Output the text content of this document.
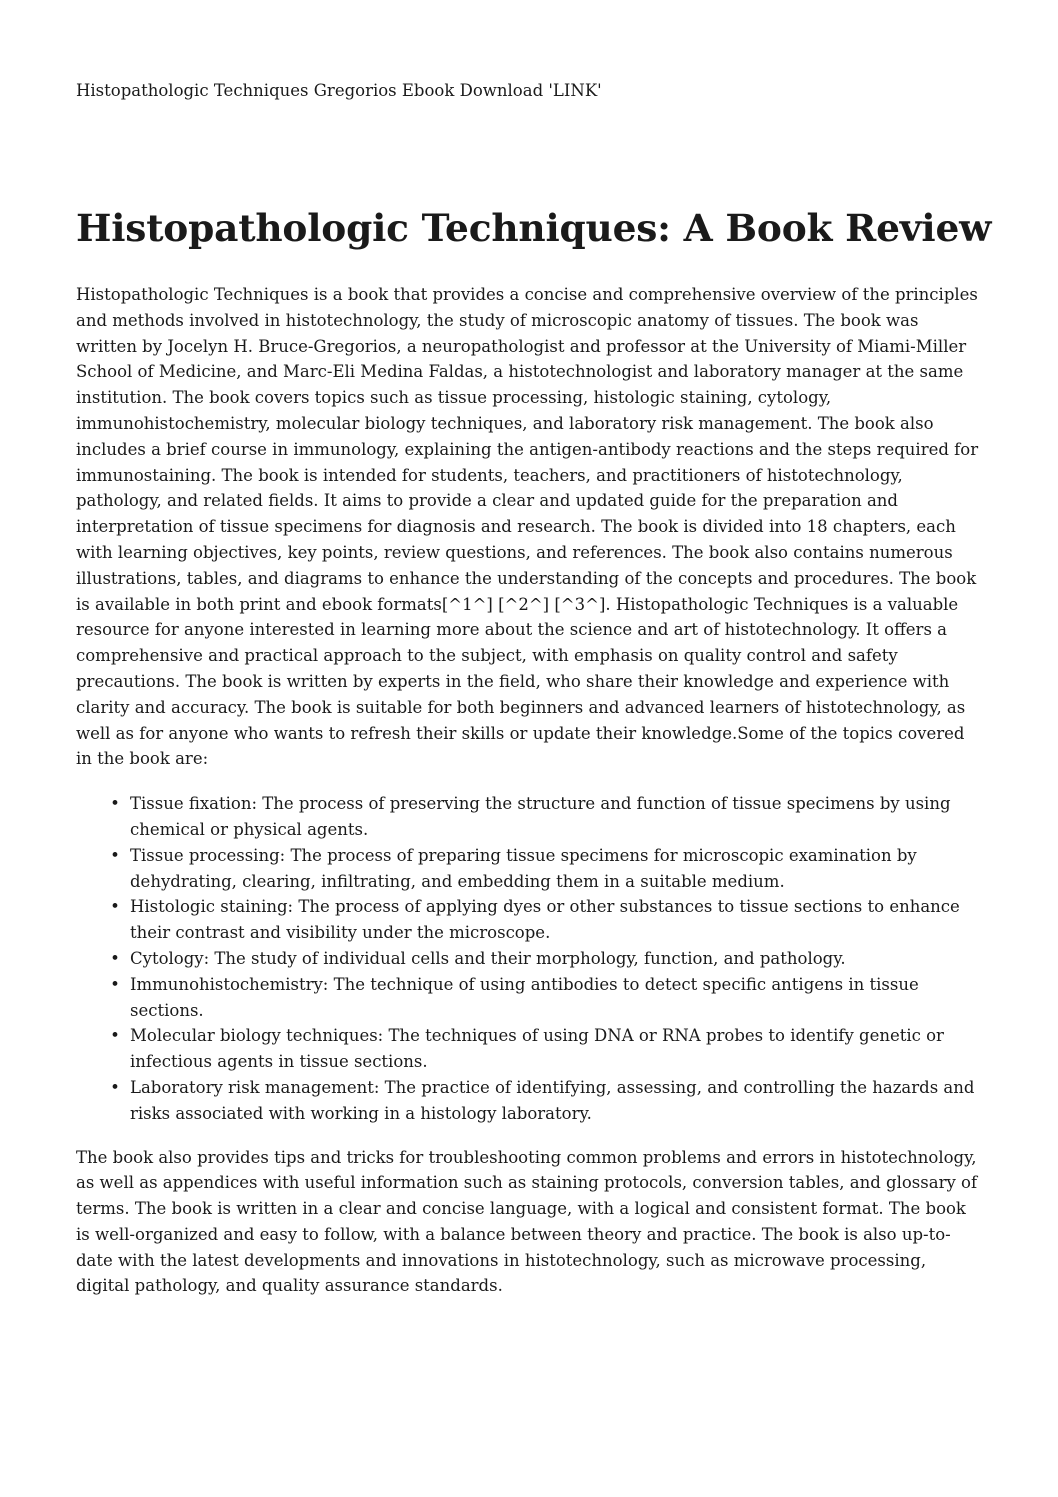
Histopathologic Techniques Gregorios Ebook Download 'LINK'
Histopathologic Techniques: A Book Review

Histopathologic Techniques is a book that provides a concise and comprehensive overview of the principles and methods involved in histotechnology, the study of microscopic anatomy of tissues. The book was written by Jocelyn H. Bruce-Gregorios, a neuropathologist and professor at the University of Miami-Miller School of Medicine, and Marc-Eli Medina Faldas, a histotechnologist and laboratory manager at the same institution. The book covers topics such as tissue processing, histologic staining, cytology, immunohistochemistry, molecular biology techniques, and laboratory risk management. The book also includes a brief course in immunology, explaining the antigen-antibody reactions and the steps required for immunostaining. The book is intended for students, teachers, and practitioners of histotechnology, pathology, and related fields. It aims to provide a clear and updated guide for the preparation and interpretation of tissue specimens for diagnosis and research. The book is divided into 18 chapters, each with learning objectives, key points, review questions, and references. The book also contains numerous illustrations, tables, and diagrams to enhance the understanding of the concepts and procedures. The book is available in both print and ebook formats[^1^] [^2^] [^3^]. Histopathologic Techniques is a valuable resource for anyone interested in learning more about the science and art of histotechnology. It offers a comprehensive and practical approach to the subject, with emphasis on quality control and safety precautions. The book is written by experts in the field, who share their knowledge and experience with clarity and accuracy. The book is suitable for both beginners and advanced learners of histotechnology, as well as for anyone who wants to refresh their skills or update their knowledge.Some of the topics covered in the book are:

• Tissue fixation: The process of preserving the structure and function of tissue specimens by using chemical or physical agents.
• Tissue processing: The process of preparing tissue specimens for microscopic examination by dehydrating, clearing, infiltrating, and embedding them in a suitable medium.
• Histologic staining: The process of applying dyes or other substances to tissue sections to enhance their contrast and visibility under the microscope.
• Cytology: The study of individual cells and their morphology, function, and pathology.
• Immunohistochemistry: The technique of using antibodies to detect specific antigens in tissue sections.
• Molecular biology techniques: The techniques of using DNA or RNA probes to identify genetic or infectious agents in tissue sections.
• Laboratory risk management: The practice of identifying, assessing, and controlling the hazards and risks associated with working in a histology laboratory.

The book also provides tips and tricks for troubleshooting common problems and errors in histotechnology, as well as appendices with useful information such as staining protocols, conversion tables, and glossary of terms. The book is written in a clear and concise language, with a logical and consistent format. The book is well-organized and easy to follow, with a balance between theory and practice. The book is also up-to-date with the latest developments and innovations in histotechnology, such as microwave processing, digital pathology, and quality assurance standards.
